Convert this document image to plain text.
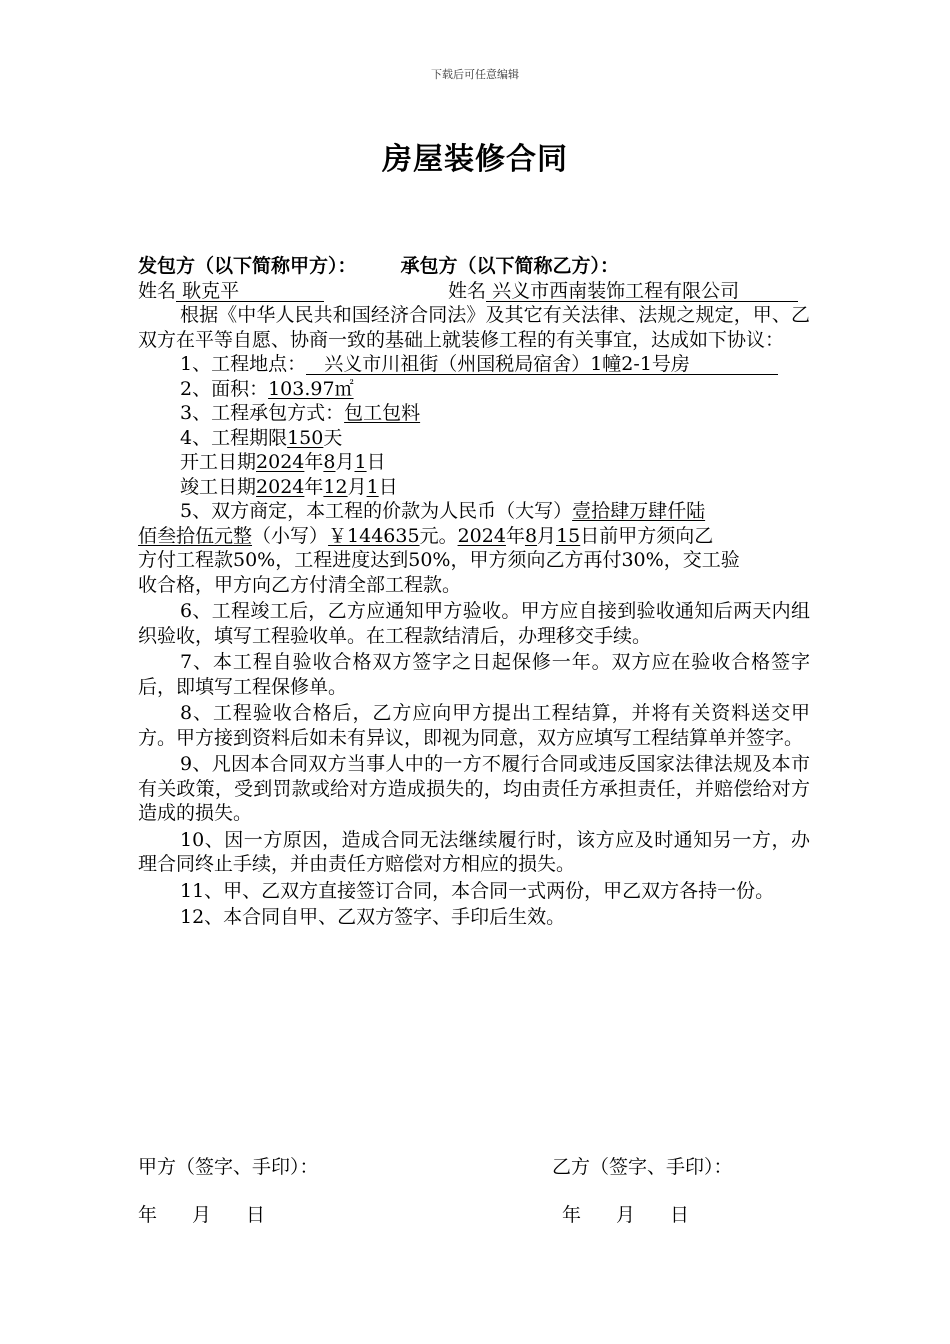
下载后可任意编辑
房屋装修合同
发包方（以下简称甲方）： 承包方（以下简称乙方）：
姓名 耿克平	姓名 兴义市西南装饰工程有限公司

根据《中华人民共和国经济合同法》及其它有关法律、法规之规定，甲、乙双方在平等自愿、协商一致的基础上就装修工程的有关事宜，达成如下协议：

1、工程地点： 兴义市川祖街（州国税局宿舍）1幢2-1号房
2、面积：103.97㎡
3、工程承包方式：包工包料
4、工程期限150天
开工日期2024年8月1日
竣工日期2024年12月1日
5、双方商定，本工程的价款为人民币（大写）壹拾肆万肆仟陆
佰叁拾伍元整（小写）￥144635元。2024年8月15日前甲方须向乙
方付工程款50%，工程进度达到50%，甲方须向乙方再付30%，交工验
收合格，甲方向乙方付清全部工程款。

6、工程竣工后，乙方应通知甲方验收。甲方应自接到验收通知后两天内组织验收，填写工程验收单。在工程款结清后，办理移交手续。

7、本工程自验收合格双方签字之日起保修一年。双方应在验收合格签字后，即填写工程保修单。

8、工程验收合格后，乙方应向甲方提出工程结算，并将有关资料送交甲方。甲方接到资料后如未有异议，即视为同意，双方应填写工程结算单并签字。

9、凡因本合同双方当事人中的一方不履行合同或违反国家法律法规及本市有关政策，受到罚款或给对方造成损失的，均由责任方承担责任，并赔偿给对方造成的损失。

10、因一方原因，造成合同无法继续履行时，该方应及时通知另一方，办理合同终止手续，并由责任方赔偿对方相应的损失。

11、甲、乙双方直接签订合同，本合同一式两份，甲乙双方各持一份。

12、本合同自甲、乙双方签字、手印后生效。

甲方（签字、手印）：	乙方（签字、手印）：
年 月 日	年 月 日
